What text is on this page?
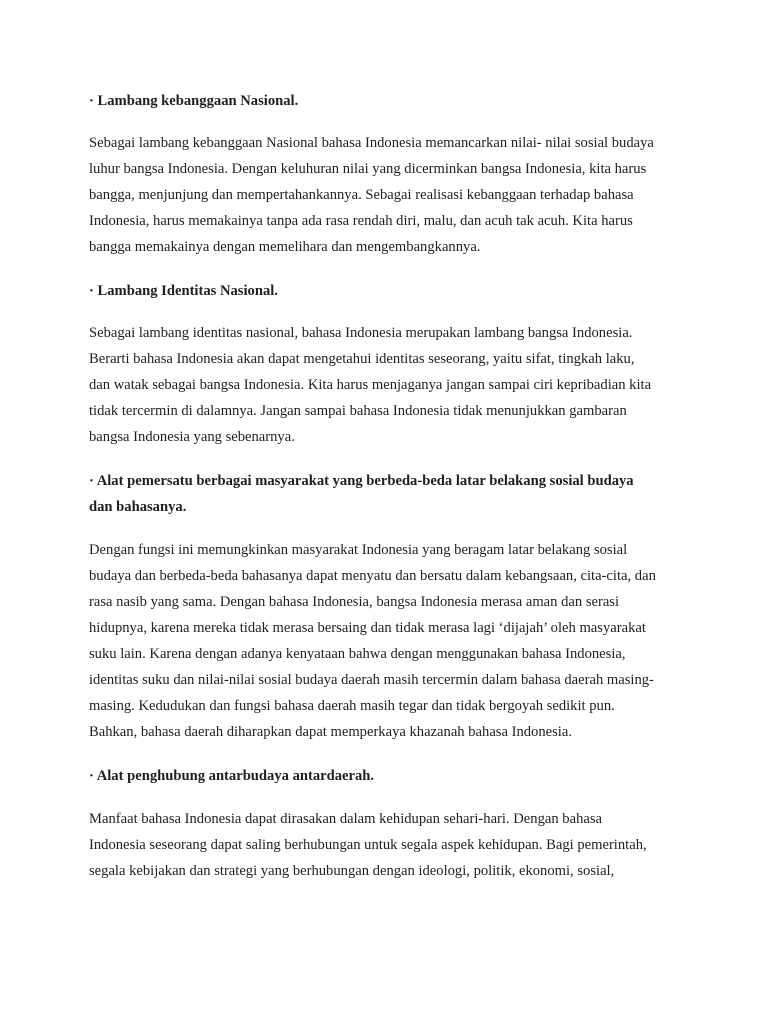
· Lambang kebanggaan Nasional.
Sebagai lambang kebanggaan Nasional bahasa Indonesia memancarkan nilai- nilai sosial budaya
luhur bangsa Indonesia. Dengan keluhuran nilai yang dicerminkan bangsa Indonesia, kita harus
bangga, menjunjung dan mempertahankannya. Sebagai realisasi kebanggaan terhadap bahasa
Indonesia, harus memakainya tanpa ada rasa rendah diri, malu, dan acuh tak acuh. Kita harus
bangga memakainya dengan memelihara dan mengembangkannya.
· Lambang Identitas Nasional.
Sebagai lambang identitas nasional, bahasa Indonesia merupakan lambang bangsa Indonesia.
Berarti bahasa Indonesia akan dapat mengetahui identitas seseorang, yaitu sifat, tingkah laku,
dan watak sebagai bangsa Indonesia. Kita harus menjaganya jangan sampai ciri kepribadian kita
tidak tercermin di dalamnya. Jangan sampai bahasa Indonesia tidak menunjukkan gambaran
bangsa Indonesia yang sebenarnya.
· Alat pemersatu berbagai masyarakat yang berbeda-beda latar belakang sosial budaya
dan bahasanya.
Dengan fungsi ini memungkinkan masyarakat Indonesia yang beragam latar belakang sosial
budaya dan berbeda-beda bahasanya dapat menyatu dan bersatu dalam kebangsaan, cita-cita, dan
rasa nasib yang sama. Dengan bahasa Indonesia, bangsa Indonesia merasa aman dan serasi
hidupnya, karena mereka tidak merasa bersaing dan tidak merasa lagi ‘dijajah’ oleh masyarakat
suku lain. Karena dengan adanya kenyataan bahwa dengan menggunakan bahasa Indonesia,
identitas suku dan nilai-nilai sosial budaya daerah masih tercermin dalam bahasa daerah masing-
masing. Kedudukan dan fungsi bahasa daerah masih tegar dan tidak bergoyah sedikit pun.
Bahkan, bahasa daerah diharapkan dapat memperkaya khazanah bahasa Indonesia.
· Alat penghubung antarbudaya antardaerah.
Manfaat bahasa Indonesia dapat dirasakan dalam kehidupan sehari-hari. Dengan bahasa
Indonesia seseorang dapat saling berhubungan untuk segala aspek kehidupan. Bagi pemerintah,
segala kebijakan dan strategi yang berhubungan dengan ideologi, politik, ekonomi, sosial,
